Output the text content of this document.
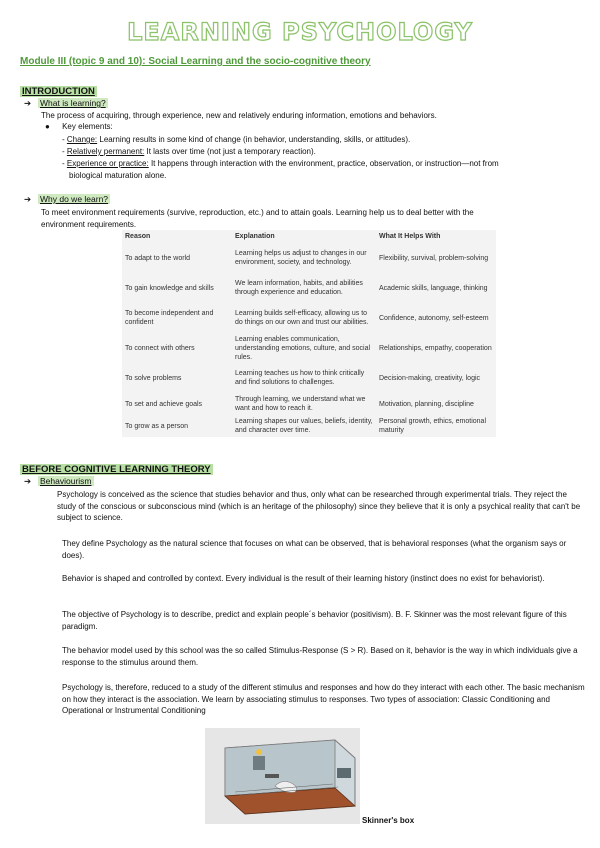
LEARNING PSYCHOLOGY
Module III (topic 9 and 10): Social Learning and the socio-cognitive theory
INTRODUCTION
➔ What is learning?
The process of acquiring, through experience, new and relatively enduring information, emotions and behaviors.
● Key elements:
- Change: Learning results in some kind of change (in behavior, understanding, skills, or attitudes).
- Relatively permanent: It lasts over time (not just a temporary reaction).
- Experience or practice: It happens through interaction with the environment, practice, observation, or instruction—not from
biological maturation alone.
➔ Why do we learn?
To meet environment requirements (survive, reproduction, etc.) and to attain goals. Learning help us to deal better with the
environment requirements.
Reason	Explanation	What It Helps With
To adapt to the world	Learning helps us adjust to changes in our environment, society, and technology.	Flexibility, survival, problem-solving
To gain knowledge and skills	We learn information, habits, and abilities through experience and education.	Academic skills, language, thinking
To become independent and confident	Learning builds self-efficacy, allowing us to do things on our own and trust our abilities.	Confidence, autonomy, self-esteem
To connect with others	Learning enables communication, understanding emotions, culture, and social rules.	Relationships, empathy, cooperation
To solve problems	Learning teaches us how to think critically and find solutions to challenges.	Decision-making, creativity, logic
To set and achieve goals	Through learning, we understand what we want and how to reach it.	Motivation, planning, discipline
To grow as a person	Learning shapes our values, beliefs, identity, and character over time.	Personal growth, ethics, emotional maturity
BEFORE COGNITIVE LEARNING THEORY
➔ Behaviourism
Psychology is conceived as the science that studies behavior and thus, only what can be researched through experimental trials. They reject the study of the conscious or subconscious mind (which is an heritage of the philosophy) since they believe that it is only a psychical reality that can't be subject to science.
They define Psychology as the natural science that focuses on what can be observed, that is behavioral responses (what the organism says or does).
Behavior is shaped and controlled by context. Every individual is the result of their learning history (instinct does no exist for behaviorist).
The objective of Psychology is to describe, predict and explain people´s behavior (positivism). B. F. Skinner was the most relevant figure of this paradigm.
The behavior model used by this school was the so called Stimulus-Response (S > R). Based on it, behavior is the way in which individuals give a response to the stimulus around them.
Psychology is, therefore, reduced to a study of the different stimulus and responses and how do they interact with each other. The basic mechanism on how they interact is the association. We learn by associating stimulus to responses. Two types of association: Classic Conditioning and Operational or Instrumental Conditioning
Skinner's box
